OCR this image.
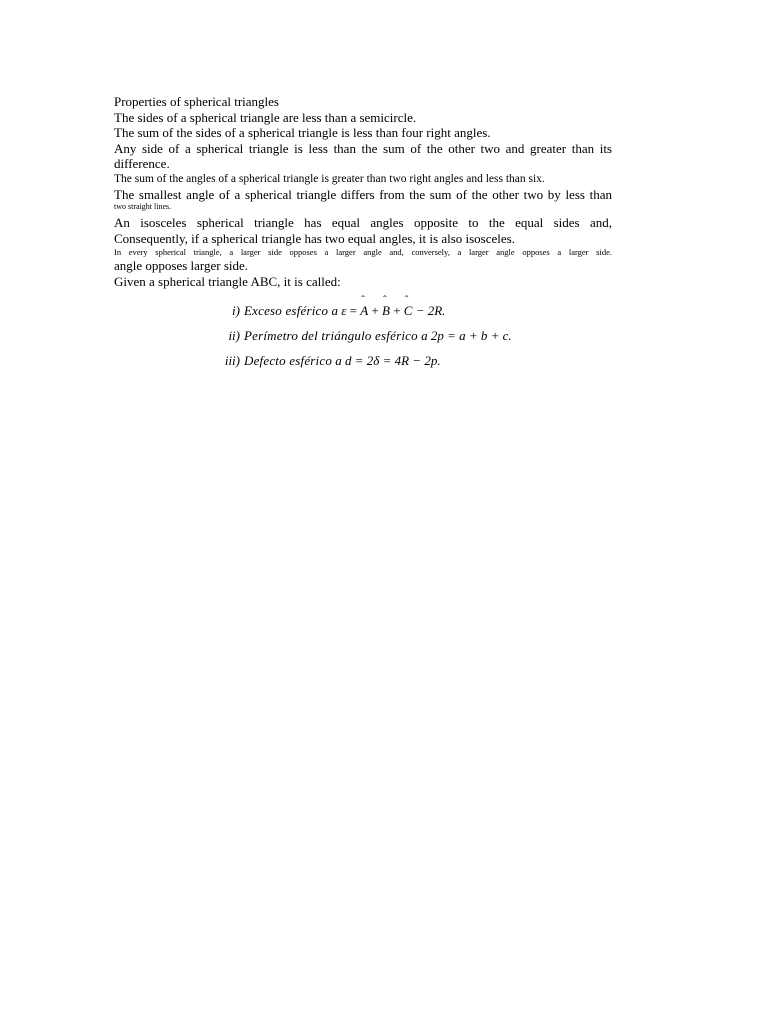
Properties of spherical triangles

The sides of a spherical triangle are less than a semicircle.

The sum of the sides of a spherical triangle is less than four right angles.

Any side of a spherical triangle is less than the sum of the other two and greater than its

difference.

The sum of the angles of a spherical triangle is greater than two right angles and less than six.

The smallest angle of a spherical triangle differs from the sum of the other two by less than

two straight lines.

An isosceles spherical triangle has equal angles opposite to the equal sides and,

Consequently, if a spherical triangle has two equal angles, it is also isosceles.

In every spherical triangle, a larger side opposes a larger angle and, conversely, a larger angle opposes a larger side.

angle opposes larger side.

Given a spherical triangle ABC, it is called:

i) Exceso esférico a ε = ˆ A + ˆ B + ˆ C − 2R.
ii) Perímetro del triángulo esférico a 2p = a + b + c.
iii) Defecto esférico a d = 2δ = 4R − 2p.
